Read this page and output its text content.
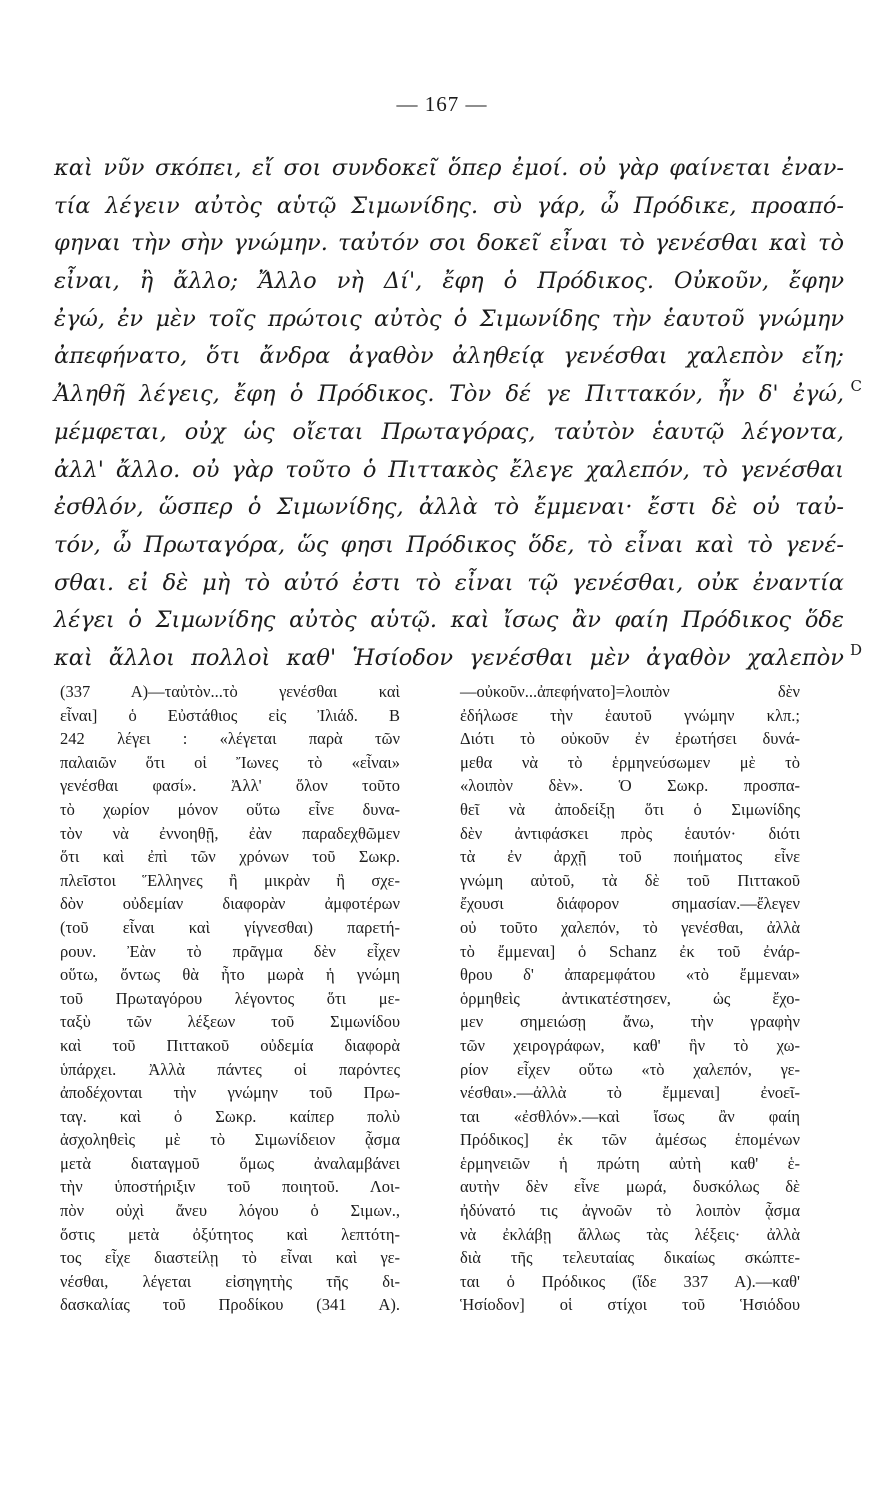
— 167 —
καὶ νῦν σκόπει, εἴ σοι συνδοκεῖ ὅπερ ἐμοί. οὐ γὰρ φαίνεται ἐναν-
τία λέγειν αὐτὸς αὑτῷ Σιμωνίδης. σὺ γάρ, ὦ Πρόδικε, προαπό-
φηναι τὴν σὴν γνώμην. ταὐτόν σοι δοκεῖ εἶναι τὸ γενέσθαι καὶ τὸ
εἶναι, ἢ ἄλλο; Ἄλλο νὴ Δί', ἔφη ὁ Πρόδικος. Οὐκοῦν, ἔφην
ἐγώ, ἐν μὲν τοῖς πρώτοις αὐτὸς ὁ Σιμωνίδης τὴν ἑαυτοῦ γνώμην
ἀπεφήνατο, ὅτι ἄνδρα ἀγαθὸν ἀληθείᾳ γενέσθαι χαλεπὸν εἴη;
Ἀληθῆ λέγεις, ἔφη ὁ Πρόδικος. Τὸν δέ γε Πιττακόν, ἦν δ' ἐγώ, C
μέμφεται, οὐχ ὡς οἴεται Πρωταγόρας, ταὐτὸν ἑαυτῷ λέγοντα,
ἀλλ' ἄλλο. οὐ γὰρ τοῦτο ὁ Πιττακὸς ἔλεγε χαλεπόν, τὸ γενέσθαι
ἐσθλόν, ὥσπερ ὁ Σιμωνίδης, ἀλλὰ τὸ ἔμμεναι· ἔστι δὲ οὐ ταὐ-
τόν, ὦ Πρωταγόρα, ὥς φησι Πρόδικος ὅδε, τὸ εἶναι καὶ τὸ γενέ-
σθαι. εἰ δὲ μὴ τὸ αὐτό ἐστι τὸ εἶναι τῷ γενέσθαι, οὐκ ἐναντία
λέγει ὁ Σιμωνίδης αὐτὸς αὑτῷ. καὶ ἴσως ἂν φαίη Πρόδικος ὅδε
καὶ ἄλλοι πολλοὶ καθ' Ἡσίοδον γενέσθαι μὲν ἀγαθὸν χαλεπὸν D
(337 Α)—ταὐτὸν...τὸ γενέσθαι καὶ
εἶναι] ὁ Εὐστάθιος εἰς Ἰλιάδ. Β
242 λέγει : «λέγεται παρὰ τῶν
παλαιῶν ὅτι οἱ Ἴωνες τὸ «εἶναι»
γενέσθαι φασί». Ἀλλ' ὅλον τοῦτο
τὸ χωρίον μόνον οὕτω εἶνε δυνα-
τὸν νὰ ἐννοηθῇ, ἐὰν παραδεχθῶμεν
ὅτι καὶ ἐπὶ τῶν χρόνων τοῦ Σωκρ.
πλεῖστοι Ἕλληνες ἢ μικρὰν ἢ σχε-
δὸν οὐδεμίαν διαφορὰν ἀμφοτέρων
(τοῦ εἶναι καὶ γίγνεσθαι) παρετή-
ρουν. Ἐὰν τὸ πρᾶγμα δὲν εἶχεν
οὕτω, ὄντως θὰ ἦτο μωρὰ ἡ γνώμη
τοῦ Πρωταγόρου λέγοντος ὅτι με-
ταξὺ τῶν λέξεων τοῦ Σιμωνίδου
καὶ τοῦ Πιττακοῦ οὐδεμία διαφορὰ
ὑπάρχει. Ἀλλὰ πάντες οἱ παρόντες
ἀποδέχονται τὴν γνώμην τοῦ Πρω-
ταγ. καὶ ὁ Σωκρ. καίπερ πολὺ
ἀσχοληθεὶς μὲ τὸ Σιμωνίδειον ᾆσμα
μετὰ διαταγμοῦ ὅμως ἀναλαμβάνει
τὴν ὑποστήριξιν τοῦ ποιητοῦ. Λοι-
πὸν οὐχὶ ἄνευ λόγου ὁ Σιμων.,
ὅστις μετὰ ὀξύτητος καὶ λεπτότη-
τος εἶχε διαστείλῃ τὸ εἶναι καὶ γε-
νέσθαι, λέγεται εἰσηγητὴς τῆς δι-
δασκαλίας τοῦ Προδίκου (341 Α).
—οὐκοῦν...ἀπεφήνατο]=λοιπὸν δὲν
ἐδήλωσε τὴν ἑαυτοῦ γνώμην κλπ.;
Διότι τὸ οὐκοῦν ἐν ἐρωτήσει δυνά-
μεθα νὰ τὸ ἑρμηνεύσωμεν μὲ τὸ
«λοιπὸν δὲν». Ὁ Σωκρ. προσπα-
θεῖ νὰ ἀποδείξῃ ὅτι ὁ Σιμωνίδης
δὲν ἀντιφάσκει πρὸς ἑαυτόν· διότι
τὰ ἐν ἀρχῇ τοῦ ποιήματος εἶνε
γνώμη αὐτοῦ, τὰ δὲ τοῦ Πιττακοῦ
ἔχουσι διάφορον σημασίαν.—ἔλεγεν
οὐ τοῦτο χαλεπόν, τὸ γενέσθαι, ἀλλὰ
τὸ ἔμμεναι] ὁ Schanz ἐκ τοῦ ἐνάρ-
θρου δ' ἀπαρεμφάτου «τὸ ἔμμεναι»
ὁρμηθεὶς ἀντικατέστησεν, ὡς ἔχο-
μεν σημειώσῃ ἄνω, τὴν γραφὴν
τῶν χειρογράφων, καθ' ἣν τὸ χω-
ρίον εἶχεν οὕτω «τὸ χαλεπόν, γε-
νέσθαι».—ἀλλὰ τὸ ἔμμεναι] ἐνοεῖ-
ται «ἐσθλόν».—καὶ ἴσως ἂν φαίη
Πρόδικος] ἐκ τῶν ἀμέσως ἑπομένων
ἑρμηνειῶν ἡ πρώτη αὐτὴ καθ' ἑ-
αυτὴν δὲν εἶνε μωρά, δυσκόλως δὲ
ἠδύνατό τις ἀγνοῶν τὸ λοιπὸν ᾆσμα
νὰ ἐκλάβῃ ἄλλως τὰς λέξεις· ἀλλὰ
διὰ τῆς τελευταίας δικαίως σκώπτε-
ται ὁ Πρόδικος (ἴδε 337 Α).—καθ'
Ἡσίοδον] οἱ στίχοι τοῦ Ἡσιόδου
